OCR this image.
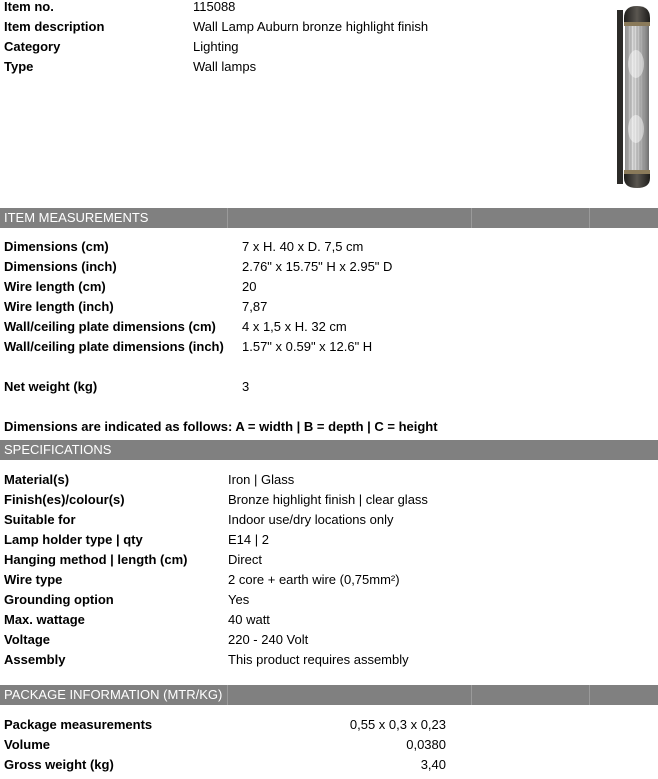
Item no.	115088
Item description	Wall Lamp Auburn bronze highlight finish
Category	Lighting
Type	Wall lamps
ITEM MEASUREMENTS
Dimensions (cm)	7 x H. 40 x D. 7,5 cm
Dimensions (inch)	2.76" x 15.75" H x 2.95" D
Wire length (cm)	20
Wire length (inch)	7,87
Wall/ceiling plate dimensions (cm) 4 x 1,5 x H. 32 cm
Wall/ceiling plate dimensions (inch) 1.57" x 0.59" x 12.6" H
Net weight (kg)	3
Dimensions are indicated as follows: A = width | B = depth | C = height
SPECIFICATIONS
Material(s)	Iron | Glass
Finish(es)/colour(s)	Bronze highlight finish | clear glass
Suitable for	Indoor use/dry locations only
Lamp holder type | qty	E14 | 2
Hanging method | length (cm)	Direct
Wire type	2 core + earth wire (0,75mm²)
Grounding option	Yes
Max. wattage	40 watt
Voltage	220 - 240 Volt
Assembly	This product requires assembly
PACKAGE INFORMATION (MTR/KG)
Package measurements	0,55 x 0,3 x 0,23
Volume	0,0380
Gross weight (kg)	3,40
